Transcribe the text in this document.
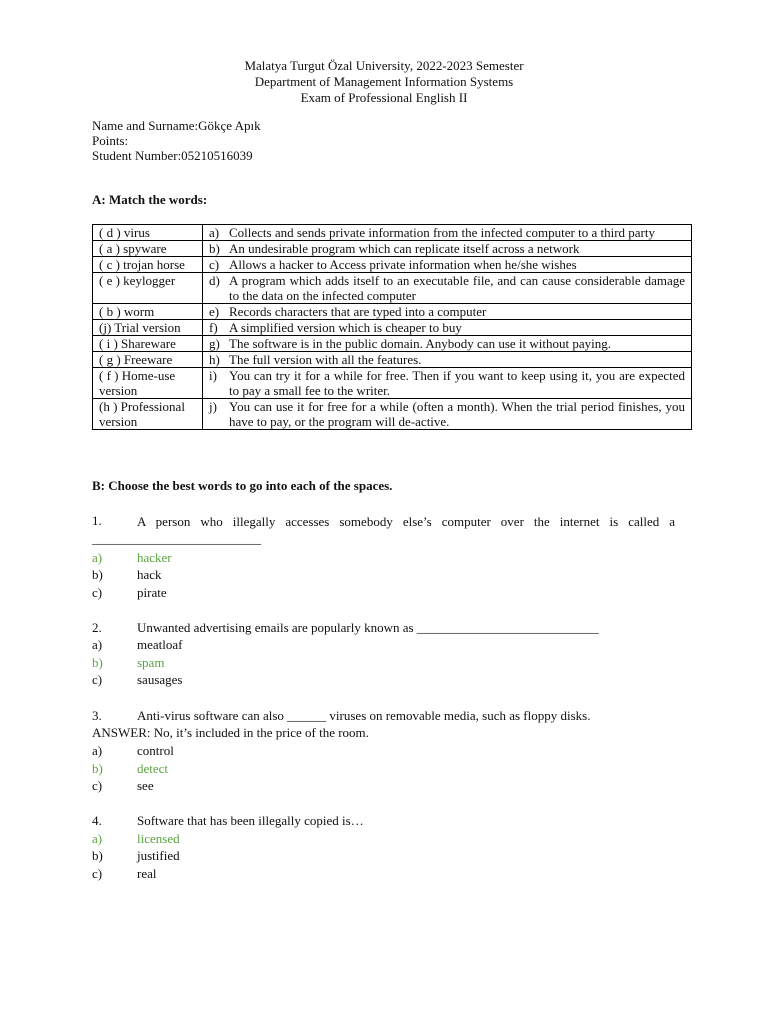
Malatya Turgut Özal University, 2022-2023 Semester
Department of Management Information Systems
Exam of Professional English II
Name and Surname:Gökçe Apık
Points:
Student Number:05210516039
A: Match the words:
( d ) virus	a) Collects and sends private information from the infected computer to a third party

( a ) spyware	b) An undesirable program which can replicate itself across a network

( c ) trojan horse	c) Allows a hacker to Access private information when he/she wishes

( e ) keylogger	d) A program which adds itself to an executable file, and can cause considerable damage to the data on the infected computer

( b ) worm	e) Records characters that are typed into a computer

(j) Trial version	f) A simplified version which is cheaper to buy

( i ) Shareware	g) The software is in the public domain. Anybody can use it without paying.

( g ) Freeware	h) The full version with all the features.

( f ) Home-use version	i) You can try it for a while for free. Then if you want to keep using it, you are expected to pay a small fee to the writer.

(h ) Professional version	j) You can use it for free for a while (often a month). When the trial period finishes, you have to pay, or the program will de-active.
B: Choose the best words to go into each of the spaces.
1.	A person who illegally accesses somebody else’s computer over the internet is called a
__________________________
a)	hacker
b)	hack
c)	pirate
2.	Unwanted advertising emails are popularly known as ____________________________
a)	meatloaf
b)	spam
c)	sausages
3.	Anti-virus software can also ______ viruses on removable media, such as floppy disks.
ANSWER: No, it’s included in the price of the room.
a)	control
b)	detect
c)	see
4.	Software that has been illegally copied is…
a)	licensed
b)	justified
c)	real
